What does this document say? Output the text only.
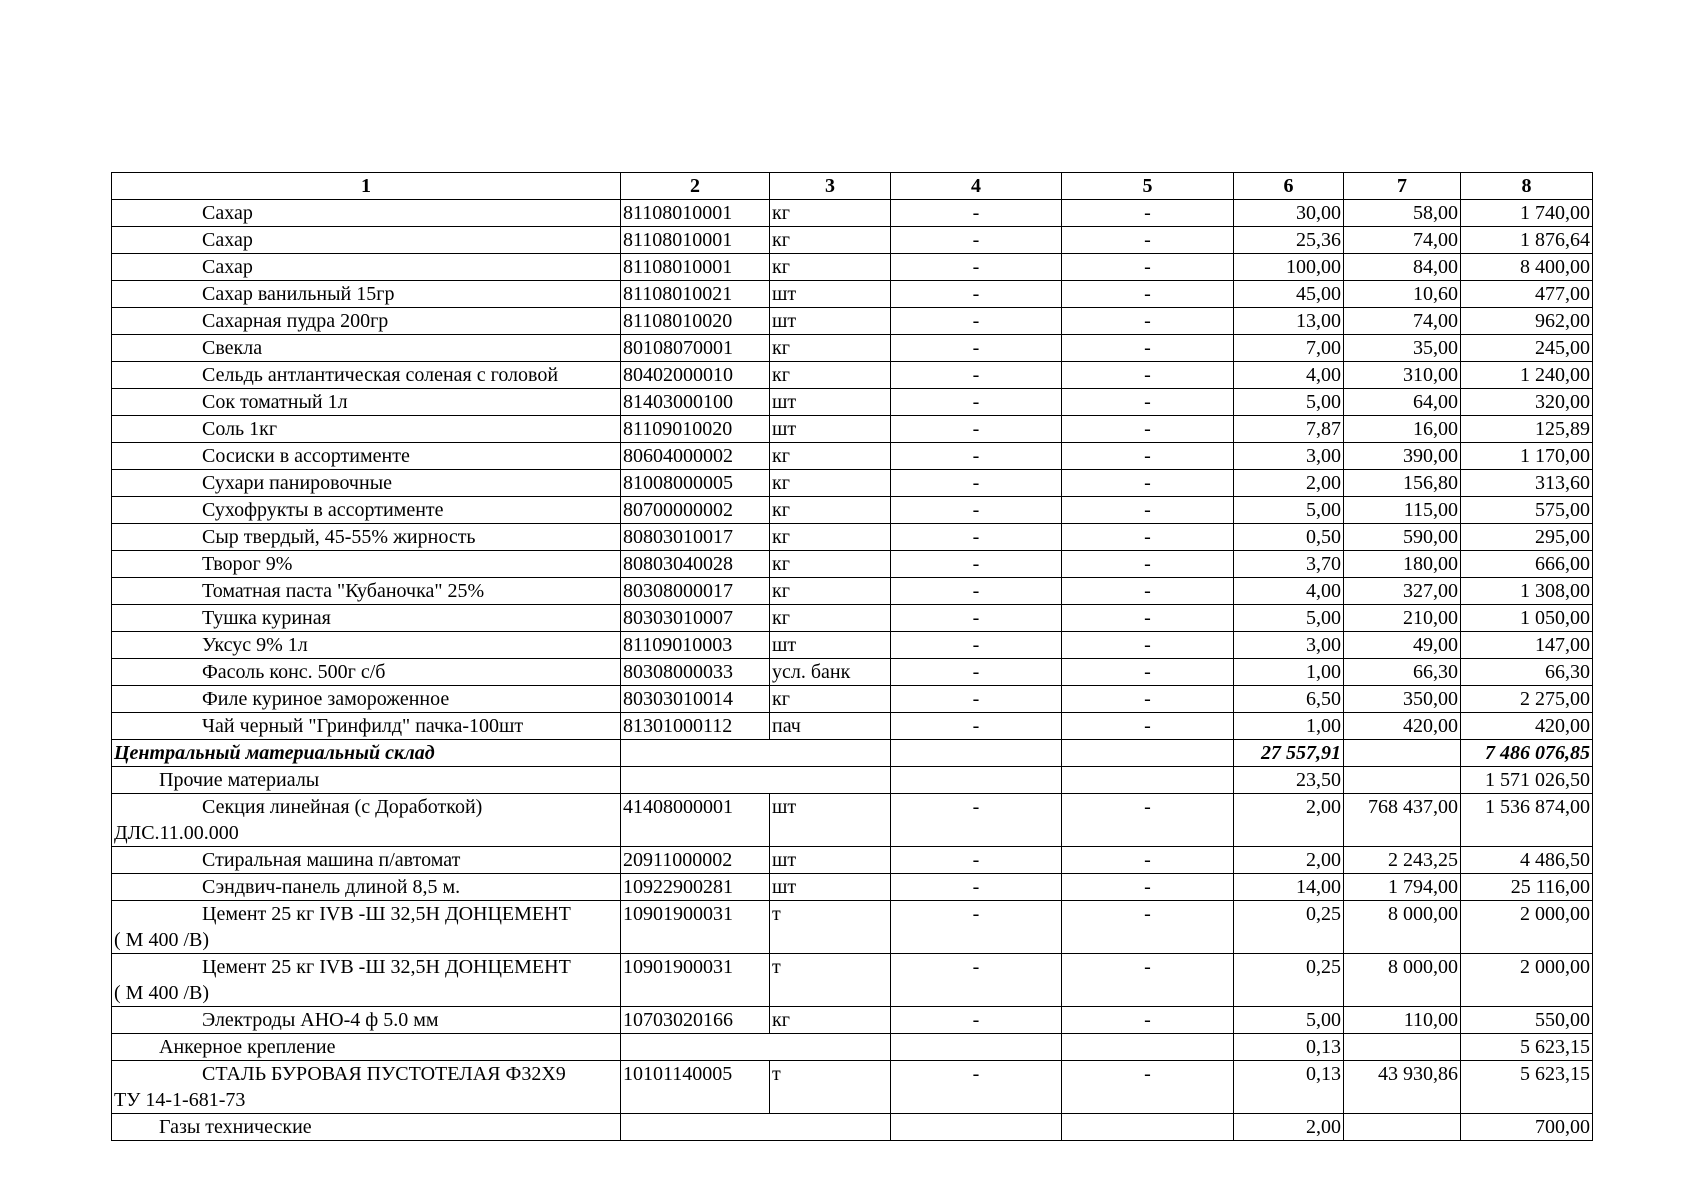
1	2	3	4	5	6	7	8
Сахар	81108010001	кг	-	-	30,00	58,00	1 740,00
Сахар	81108010001	кг	-	-	25,36	74,00	1 876,64
Сахар	81108010001	кг	-	-	100,00	84,00	8 400,00
Сахар ванильный 15гр	81108010021	шт	-	-	45,00	10,60	477,00
Сахарная пудра 200гр	81108010020	шт	-	-	13,00	74,00	962,00
Свекла	80108070001	кг	-	-	7,00	35,00	245,00
Сельдь антлантическая соленая с головой	80402000010	кг	-	-	4,00	310,00	1 240,00
Сок томатный 1л	81403000100	шт	-	-	5,00	64,00	320,00
Соль 1кг	81109010020	шт	-	-	7,87	16,00	125,89
Сосиски в ассортименте	80604000002	кг	-	-	3,00	390,00	1 170,00
Сухари панировочные	81008000005	кг	-	-	2,00	156,80	313,60
Сухофрукты в ассортименте	80700000002	кг	-	-	5,00	115,00	575,00
Сыр твердый, 45-55% жирность	80803010017	кг	-	-	0,50	590,00	295,00
Творог 9%	80803040028	кг	-	-	3,70	180,00	666,00
Томатная паста "Кубаночка" 25%	80308000017	кг	-	-	4,00	327,00	1 308,00
Тушка куриная	80303010007	кг	-	-	5,00	210,00	1 050,00
Уксус 9% 1л	81109010003	шт	-	-	3,00	49,00	147,00
Фасоль конс. 500г с/б	80308000033	усл. банк	-	-	1,00	66,30	66,30
Филе куриное замороженное	80303010014	кг	-	-	6,50	350,00	2 275,00
Чай черный "Гринфилд" пачка-100шт	81301000112	пач	-	-	1,00	420,00	420,00
Центральный материальный склад					27 557,91		7 486 076,85
Прочие материалы					23,50		1 571 026,50
Секция линейная (с Доработкой)
ДЛС.11.00.000	41408000001	шт	-	-	2,00	768 437,00	1 536 874,00
Стиральная машина п/автомат	20911000002	шт	-	-	2,00	2 243,25	4 486,50
Сэндвич-панель длиной 8,5 м.	10922900281	шт	-	-	14,00	1 794,00	25 116,00
Цемент 25 кг IVB -Ш 32,5Н ДОНЦЕМЕНТ
( М 400 /В)	10901900031	т	-	-	0,25	8 000,00	2 000,00
Цемент 25 кг IVB -Ш 32,5Н ДОНЦЕМЕНТ
( М 400 /В)	10901900031	т	-	-	0,25	8 000,00	2 000,00
Электроды АНО-4 ф 5.0 мм	10703020166	кг	-	-	5,00	110,00	550,00
Анкерное крепление					0,13		5 623,15
СТАЛЬ БУРОВАЯ ПУСТОТЕЛАЯ Ф32Х9
ТУ 14-1-681-73	10101140005	т	-	-	0,13	43 930,86	5 623,15
Газы технические					2,00		700,00
